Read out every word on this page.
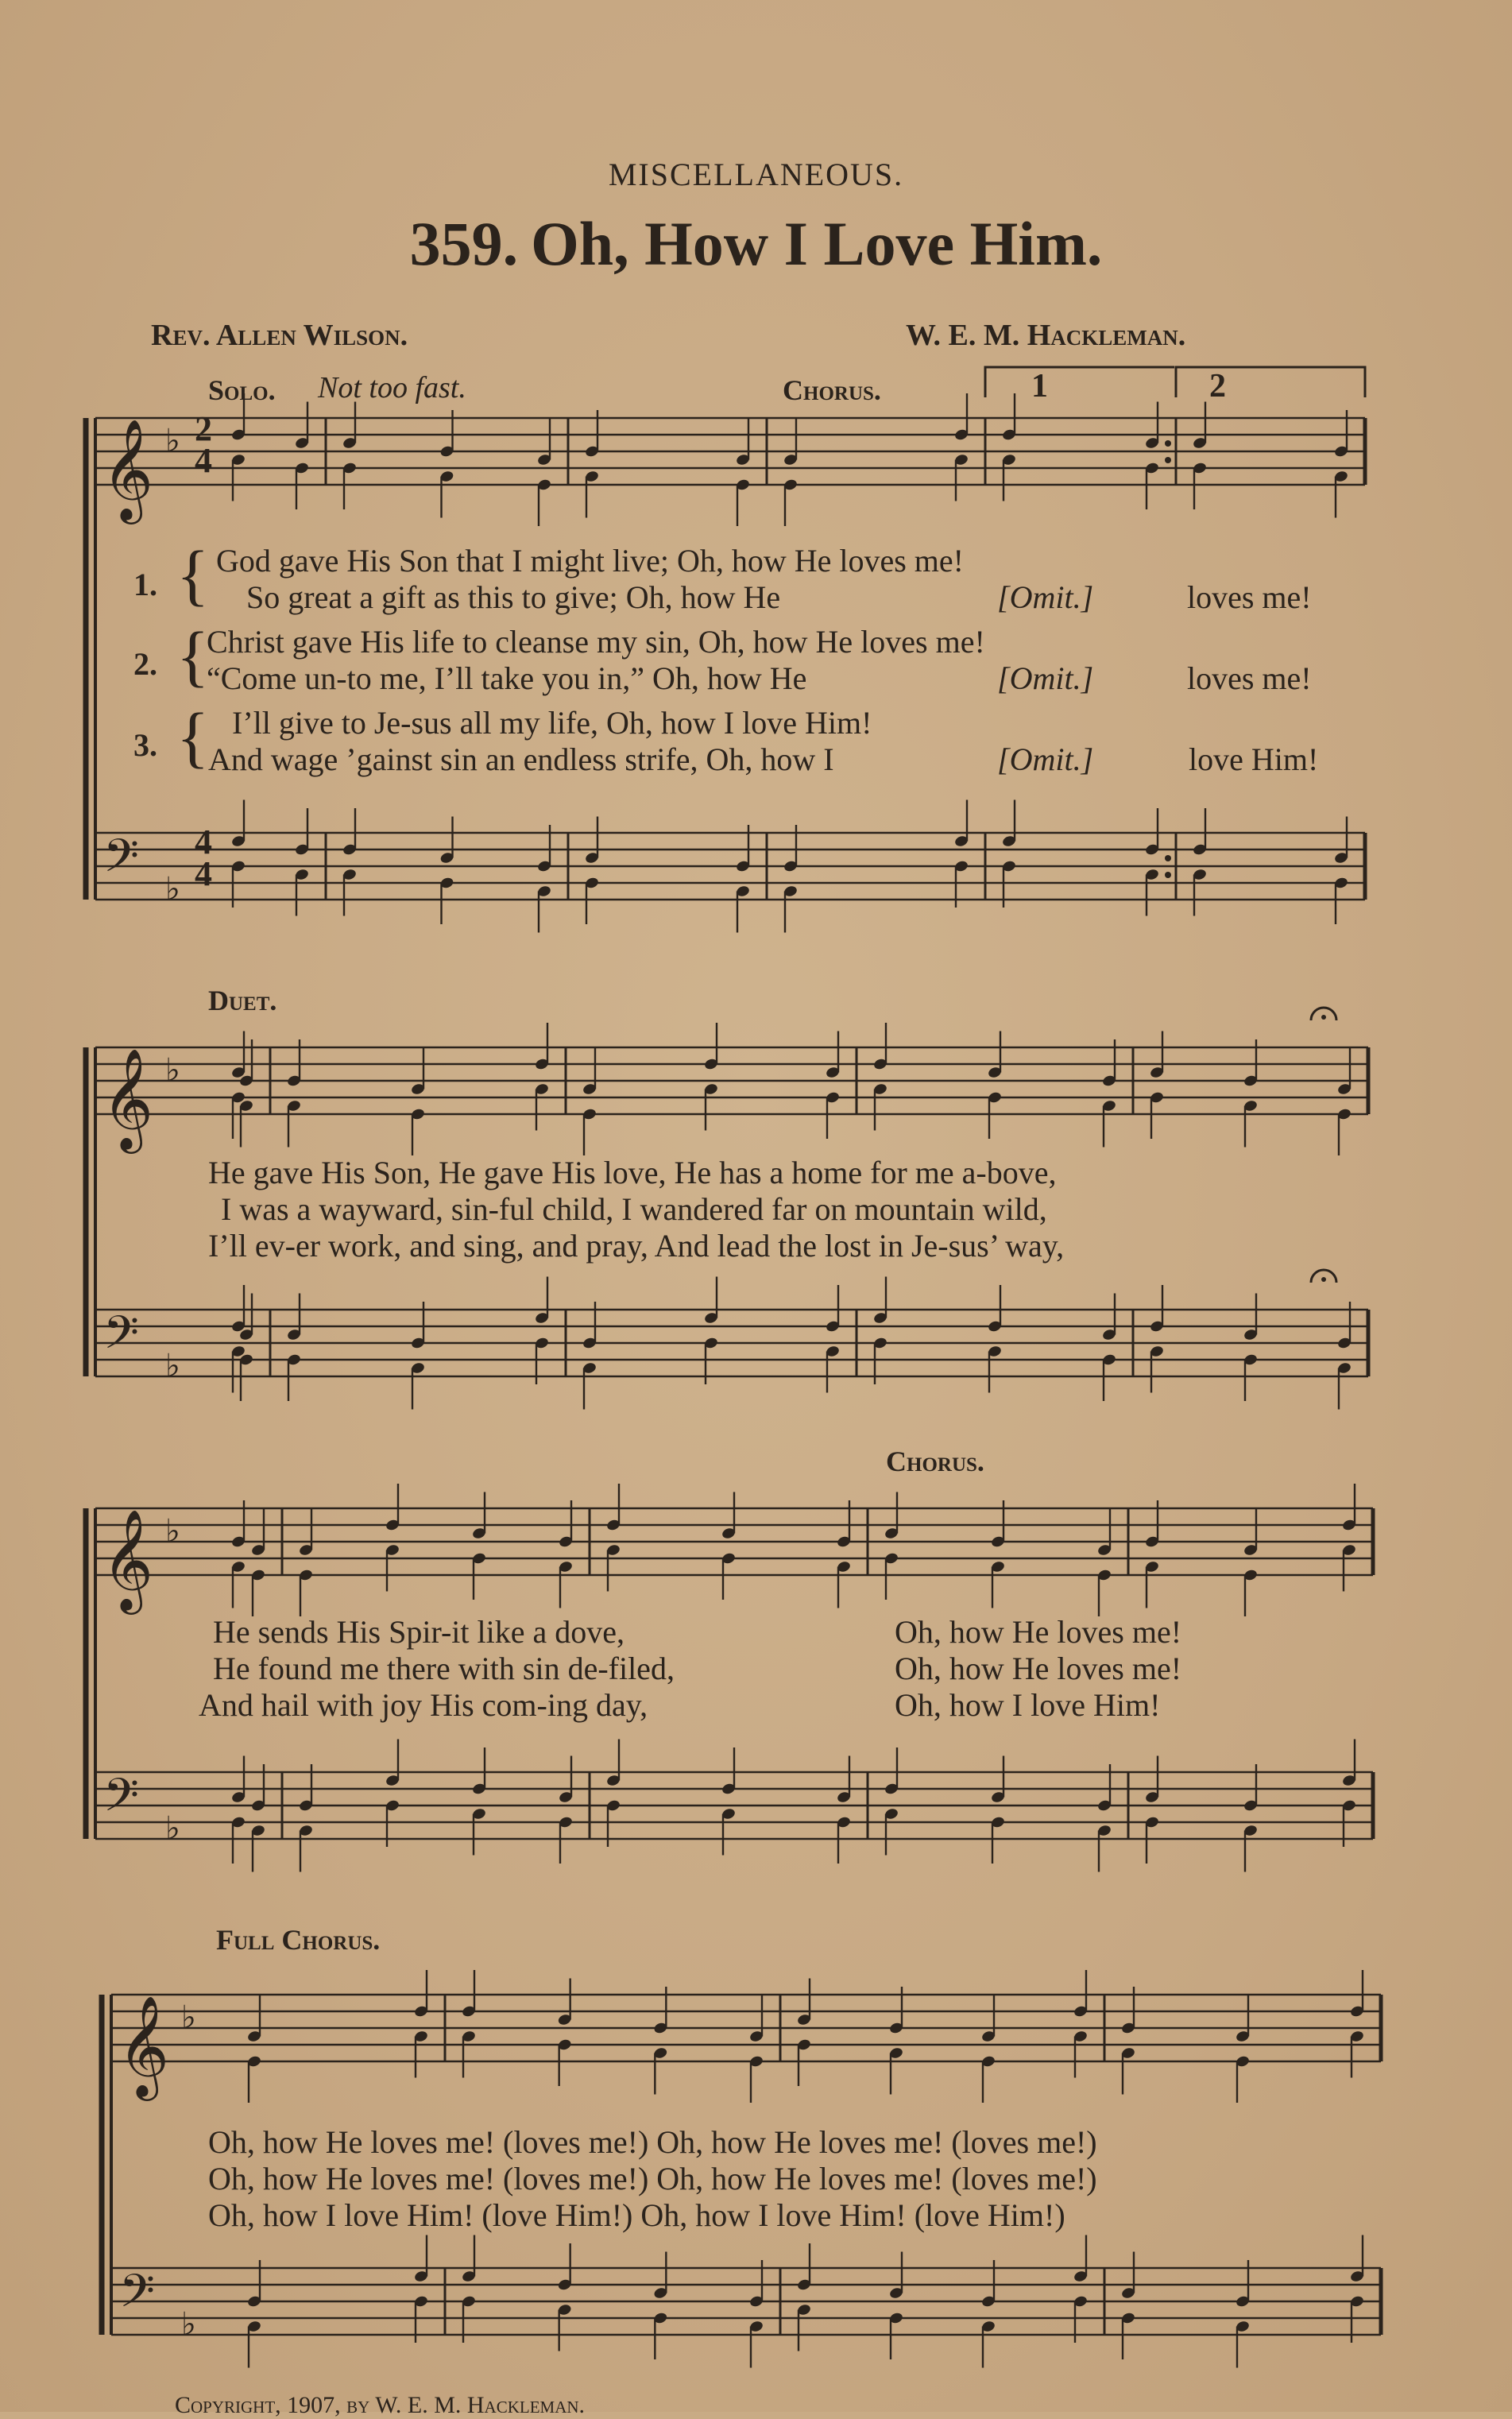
𝄞
𝄢
♭
♭
𝄞
𝄢
♭
♭
𝄞
𝄢
♭
♭
𝄞
𝄢
♭
♭
MISCELLANEOUS.
359. Oh, How I Love Him.
Rev. Allen Wilson.	W. E. M. Hackleman.
Solo. Not too fast.	Chorus.	1	2
2
4
4
4
1. { God gave His Son that I might live; Oh, how He loves me!
So great a gift as this to give; Oh, how He	[Omit.]	loves me!
2. {
Christ gave His life to cleanse my sin, Oh, how He loves me!
“Come un-to me, I’ll take you in,” Oh, how He	[Omit.]	loves me!
3. { I’ll give to Je-sus all my life, Oh, how I love Him!
And wage ’gainst sin an endless strife, Oh, how I	[Omit.]	love Him!
Duet.
He gave His Son, He gave His love, He has a home for me a-bove,
I was a wayward, sin-ful child, I wandered far on mountain wild,
I’ll ev-er work, and sing, and pray, And lead the lost in Je-sus’ way,
Chorus.
He sends His Spir-it like a dove,
He found me there with sin de-filed,
And hail with joy His com-ing day,
Oh, how He loves me!
Oh, how He loves me!
Oh, how I love Him!
Full Chorus.
Oh, how He loves me! (loves me!) Oh, how He loves me! (loves me!)
Oh, how He loves me! (loves me!) Oh, how He loves me! (loves me!)
Oh, how I love Him! (love Him!) Oh, how I love Him! (love Him!)
Copyright, 1907, by W. E. M. Hackleman.
